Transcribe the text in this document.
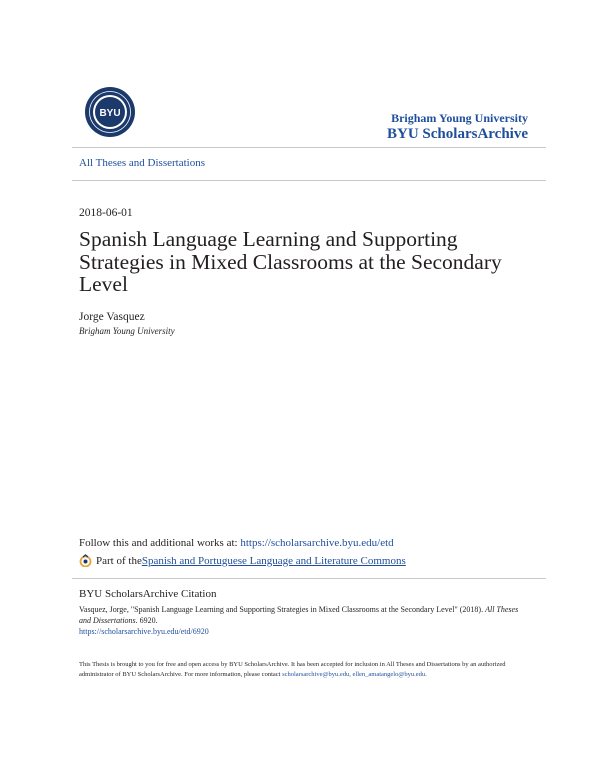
BYU	Brigham Young University
BYU ScholarsArchive
All Theses and Dissertations
2018-06-01
Spanish Language Learning and Supporting Strategies in Mixed Classrooms at the Secondary Level
Jorge Vasquez
Brigham Young University
Follow this and additional works at: https://scholarsarchive.byu.edu/etd
Part of the Spanish and Portuguese Language and Literature Commons
BYU ScholarsArchive Citation
Vasquez, Jorge, "Spanish Language Learning and Supporting Strategies in Mixed Classrooms at the Secondary Level" (2018). All Theses and Dissertations. 6920.
https://scholarsarchive.byu.edu/etd/6920
This Thesis is brought to you for free and open access by BYU ScholarsArchive. It has been accepted for inclusion in All Theses and Dissertations by an authorized administrator of BYU ScholarsArchive. For more information, please contact scholarsarchive@byu.edu, ellen_amatangelo@byu.edu.
